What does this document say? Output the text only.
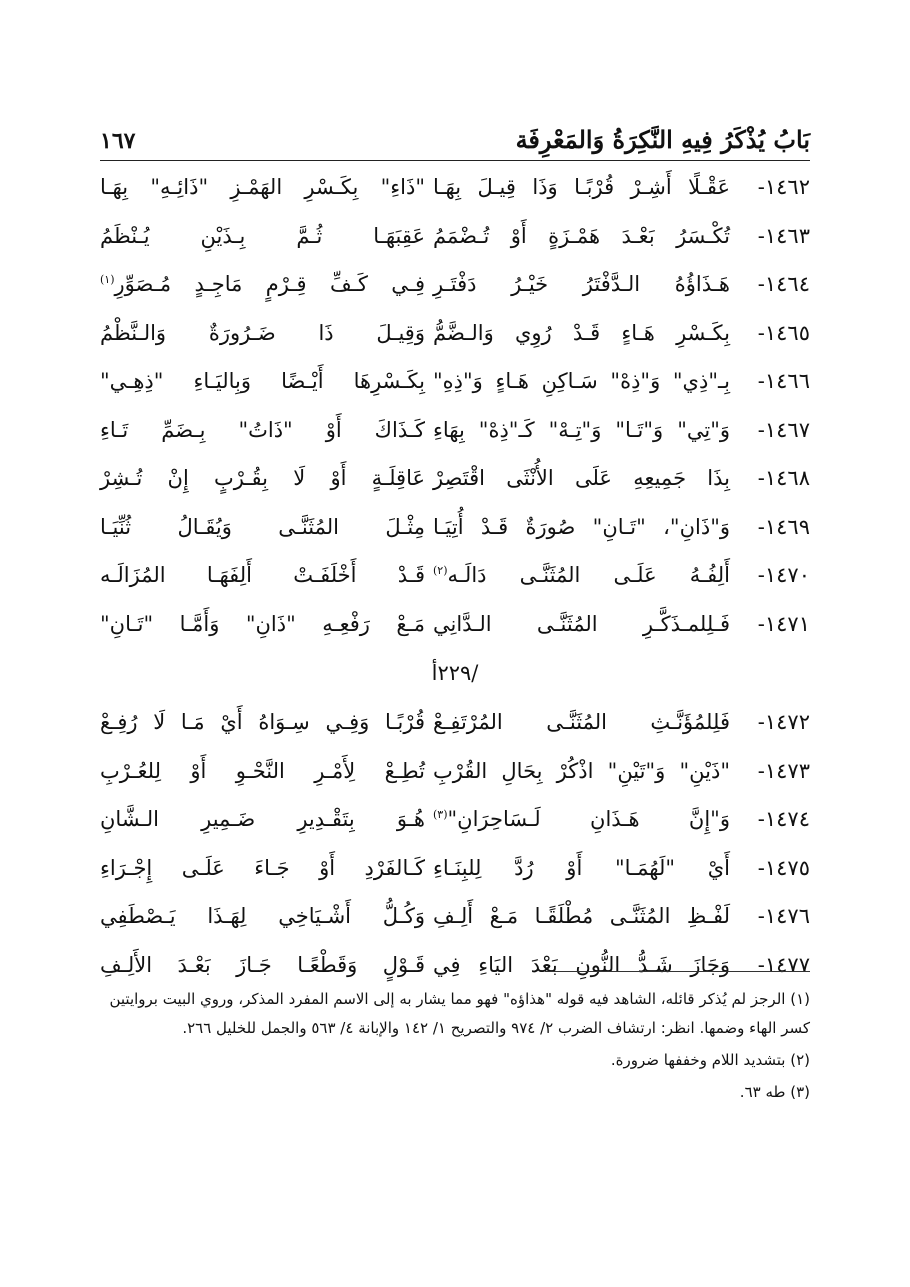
بَابُ يُذْكَرُ فِيهِ النَّكِرَةُ وَالمَعْرِفَة
١٦٧
١٤٦٢-
عَقْـلًا أَشِـرْ قُرْبًـا وَذَا قِيـلَ بِهَـا
"ذَاءِ" بِكَـسْرِ الهَمْـزِ "ذَائِـهِ" بِهَـا
١٤٦٣-
تُكْـسَرُ بَعْـدَ هَمْـزَةٍ أَوْ تُـضْمَمُ
عَقِبَهَـا ثُـمَّ بِـذَيْنِ يُـنْظَمُ
١٤٦٤-
هَـذَاؤُهُ الـدَّفْتَرُ خَيْـرُ دَفْتَـرِ
فِـي كَـفِّ قِـرْمٍ مَاجِـدٍ مُـصَوِّرِ$^{(١)}$
١٤٦٥-
بِكَـسْرِ هَـاءٍ قَـدْ رُوِي وَالـضَّمُّ
وَقِيـلَ ذَا ضَـرُورَةٌ وَالـنَّظْمُ
١٤٦٦-
بِـ"ذِي" وَ"ذِهْ" سَـاكِنِ هَـاءٍ وَ"ذِهِ"
بِكَـسْرِهَا أَيْـضًا وَبِاليَـاءِ "ذِهِـي"
١٤٦٧-
وَ"تِي" وَ"تَـا" وَ"تِـهْ" كَـ"ذِهْ" بِهَاءِ
كَـذَاكَ أَوْ "ذَاتُ" بِـضَمِّ تَـاءِ
١٤٦٨-
بِذَا جَمِيعِهِ عَلَى الأُنْثَى اقْتَصِرْ
عَاقِلَـةٍ أَوْ لَا بِقُـرْبٍ إِنْ تُـشِرْ
١٤٦٩-
وَ"ذَانِ"، "تَـانِ" صُورَةٌ قَـدْ أُتِيَـا
مِثْـلَ المُثَنَّـى وَيُقَـالُ ثُنِّيَـا
١٤٧٠-
أَلِفُـهُ عَلَـى المُثَنَّـى دَالَـه$^{(٢)}$
قَـدْ أَخْلَفَـتْ أَلِفَهَـا المُزَالَـه
١٤٧١-
فَـلِلمـذَكَّـرِ المُثَنَّـى الـدَّانِي
مَـعْ رَفْعِـهِ "ذَانِ" وَأَمَّـا "تَـانِ"
/٢٢٩أ
١٤٧٢-
فَلِلمُؤَنَّـثِ المُثَنَّـى المُرْتَفِـعْ
قُرْبًـا وَفِـي سِـوَاهُ أَيْ مَـا لَا رُفِـعْ
١٤٧٣-
"ذَيْنِ" وَ"تَيْنِ" اذْكُرْ بِحَالِ القُرْبِ
تُطِـعْ لِأَمْـرِ النَّحْـوِ أَوْ لِلعُـرْبِ
١٤٧٤-
وَ"إِنَّ هَـذَانِ لَـسَاحِرَانِ"$^{(٣)}$
هُـوَ بِتَقْـدِيرِ ضَـمِيرِ الـشَّانِ
١٤٧٥-
أَيْ "لَهُمَـا" أَوْ رُدَّ لِلبِنَـاءِ
كَـالفَرْدِ أَوْ جَـاءَ عَلَـى إِجْـرَاءِ
١٤٧٦-
لَفْـظِ المُثَنَّـى مُطْلَقًـا مَـعْ أَلِـفِ
وَكُـلُّ أَشْـيَاخِي لِهَـذَا يَـصْطَفِي
١٤٧٧-
وَجَازَ شَـدُّ النُّونِ بَعْدَ اليَاءِ فِي
قَـوْلٍ وَقَطْعًـا جَـازَ بَعْـدَ الأَلِـفِ

(١) الرجز لم يُذكر قائله، الشاهد فيه قوله "هذاؤه" فهو مما يشار به إلى الاسم المفرد المذكر، وروي البيت بروايتين كسر الهاء وضمها. انظر: ارتشاف الضرب ٢/ ٩٧٤ والتصريح ١/ ١٤٢ والإبانة ٤/ ٥٦٣ والجمل للخليل ٢٦٦.

(٢) بتشديد اللام وخففها ضرورة.

(٣) طه ٦٣.
